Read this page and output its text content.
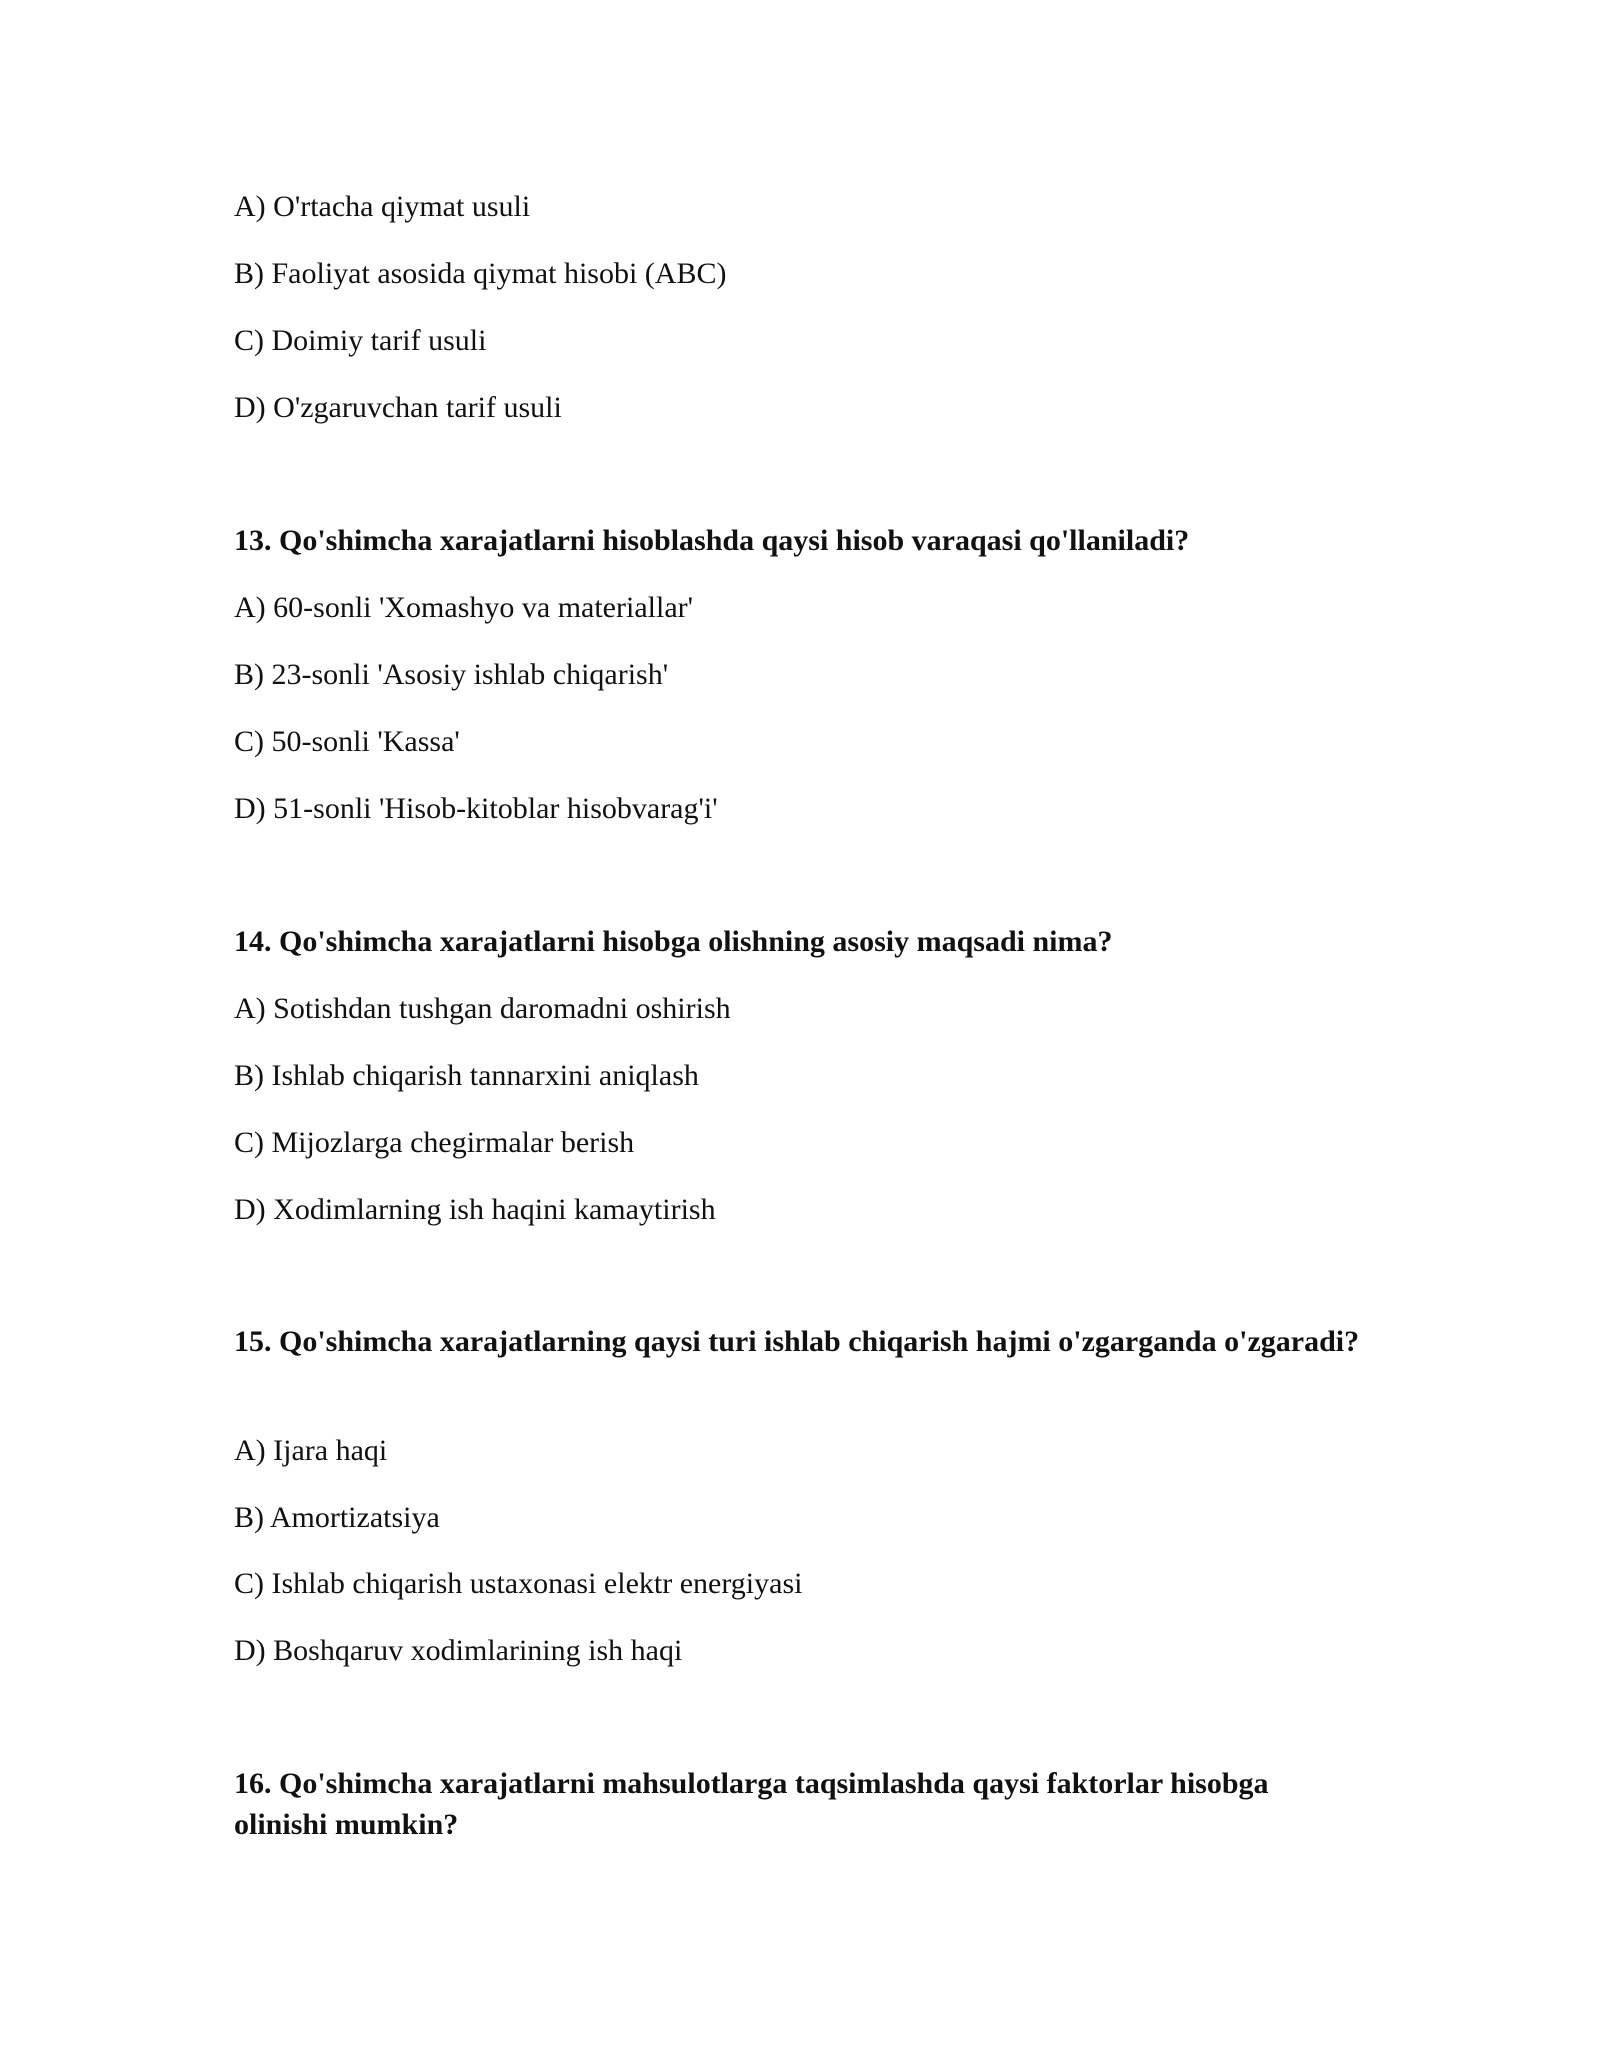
A) O'rtacha qiymat usuli
B) Faoliyat asosida qiymat hisobi (ABC)
C) Doimiy tarif usuli
D) O'zgaruvchan tarif usuli
13. Qo'shimcha xarajatlarni hisoblashda qaysi hisob varaqasi qo'llaniladi?
A) 60-sonli 'Xomashyo va materiallar'
B) 23-sonli 'Asosiy ishlab chiqarish'
C) 50-sonli 'Kassa'
D) 51-sonli 'Hisob-kitoblar hisobvarag'i'
14. Qo'shimcha xarajatlarni hisobga olishning asosiy maqsadi nima?
A) Sotishdan tushgan daromadni oshirish
B) Ishlab chiqarish tannarxini aniqlash
C) Mijozlarga chegirmalar berish
D) Xodimlarning ish haqini kamaytirish
15. Qo'shimcha xarajatlarning qaysi turi ishlab chiqarish hajmi o'zgarganda o'zgaradi?
A) Ijara haqi
B) Amortizatsiya
C) Ishlab chiqarish ustaxonasi elektr energiyasi
D) Boshqaruv xodimlarining ish haqi
16. Qo'shimcha xarajatlarni mahsulotlarga taqsimlashda qaysi faktorlar hisobga olinishi mumkin?
